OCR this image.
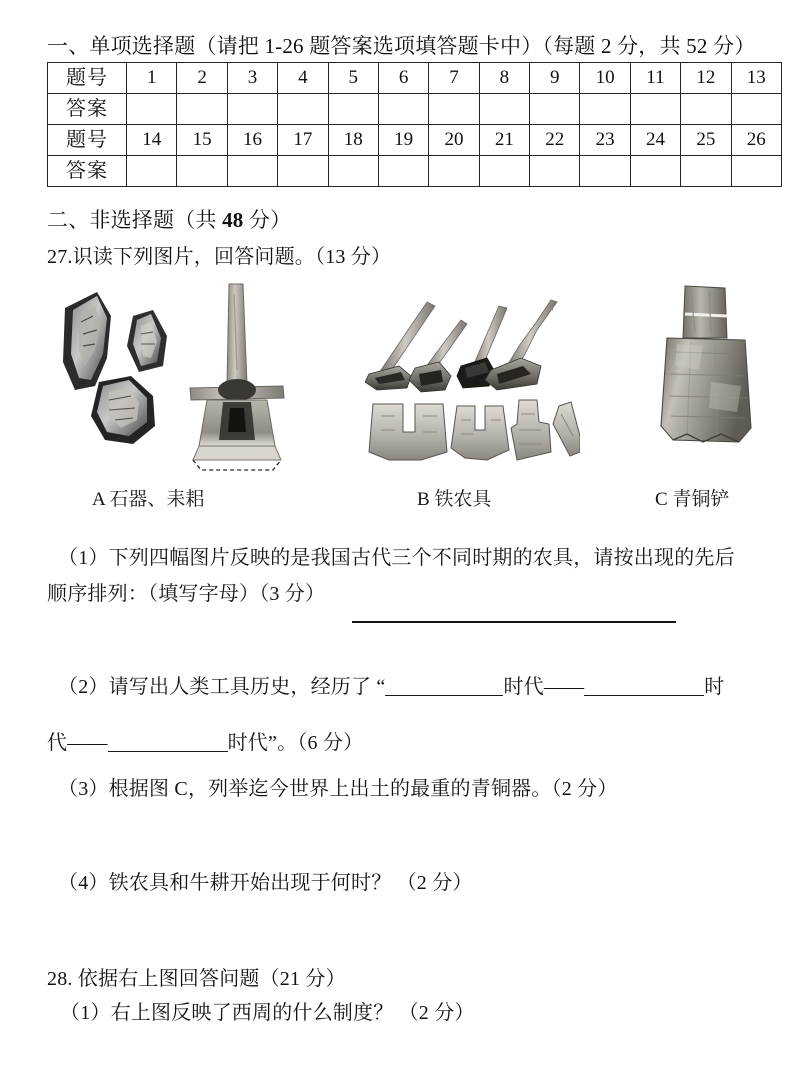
一、单项选择题（请把 1-26 题答案选项填答题卡中）（每题 2 分，共 52 分）
题号	1	2	3	4	5	6	7	8	9	10	11	12	13
答案													
题号	14	15	16	17	18	19	20	21	22	23	24	25	26
答案													
二、非选择题（共 48 分）
27.识读下列图片，回答问题。（13 分）
A 石器、耒耜	B 铁农具	C 青铜铲
（1）下列四幅图片反映的是我国古代三个不同时期的农具，请按出现的先后
顺序排列：（填写字母）（3 分）
（2）请写出人类工具历史，经历了 “	时代——	时
代——	时代”。（6 分）
（3）根据图 C，列举迄今世界上出土的最重的青铜器。（2 分）
（4）铁农具和牛耕开始出现于何时？ （2 分）
28. 依据右上图回答问题（21 分）
（1）右上图反映了西周的什么制度？ （2 分）
